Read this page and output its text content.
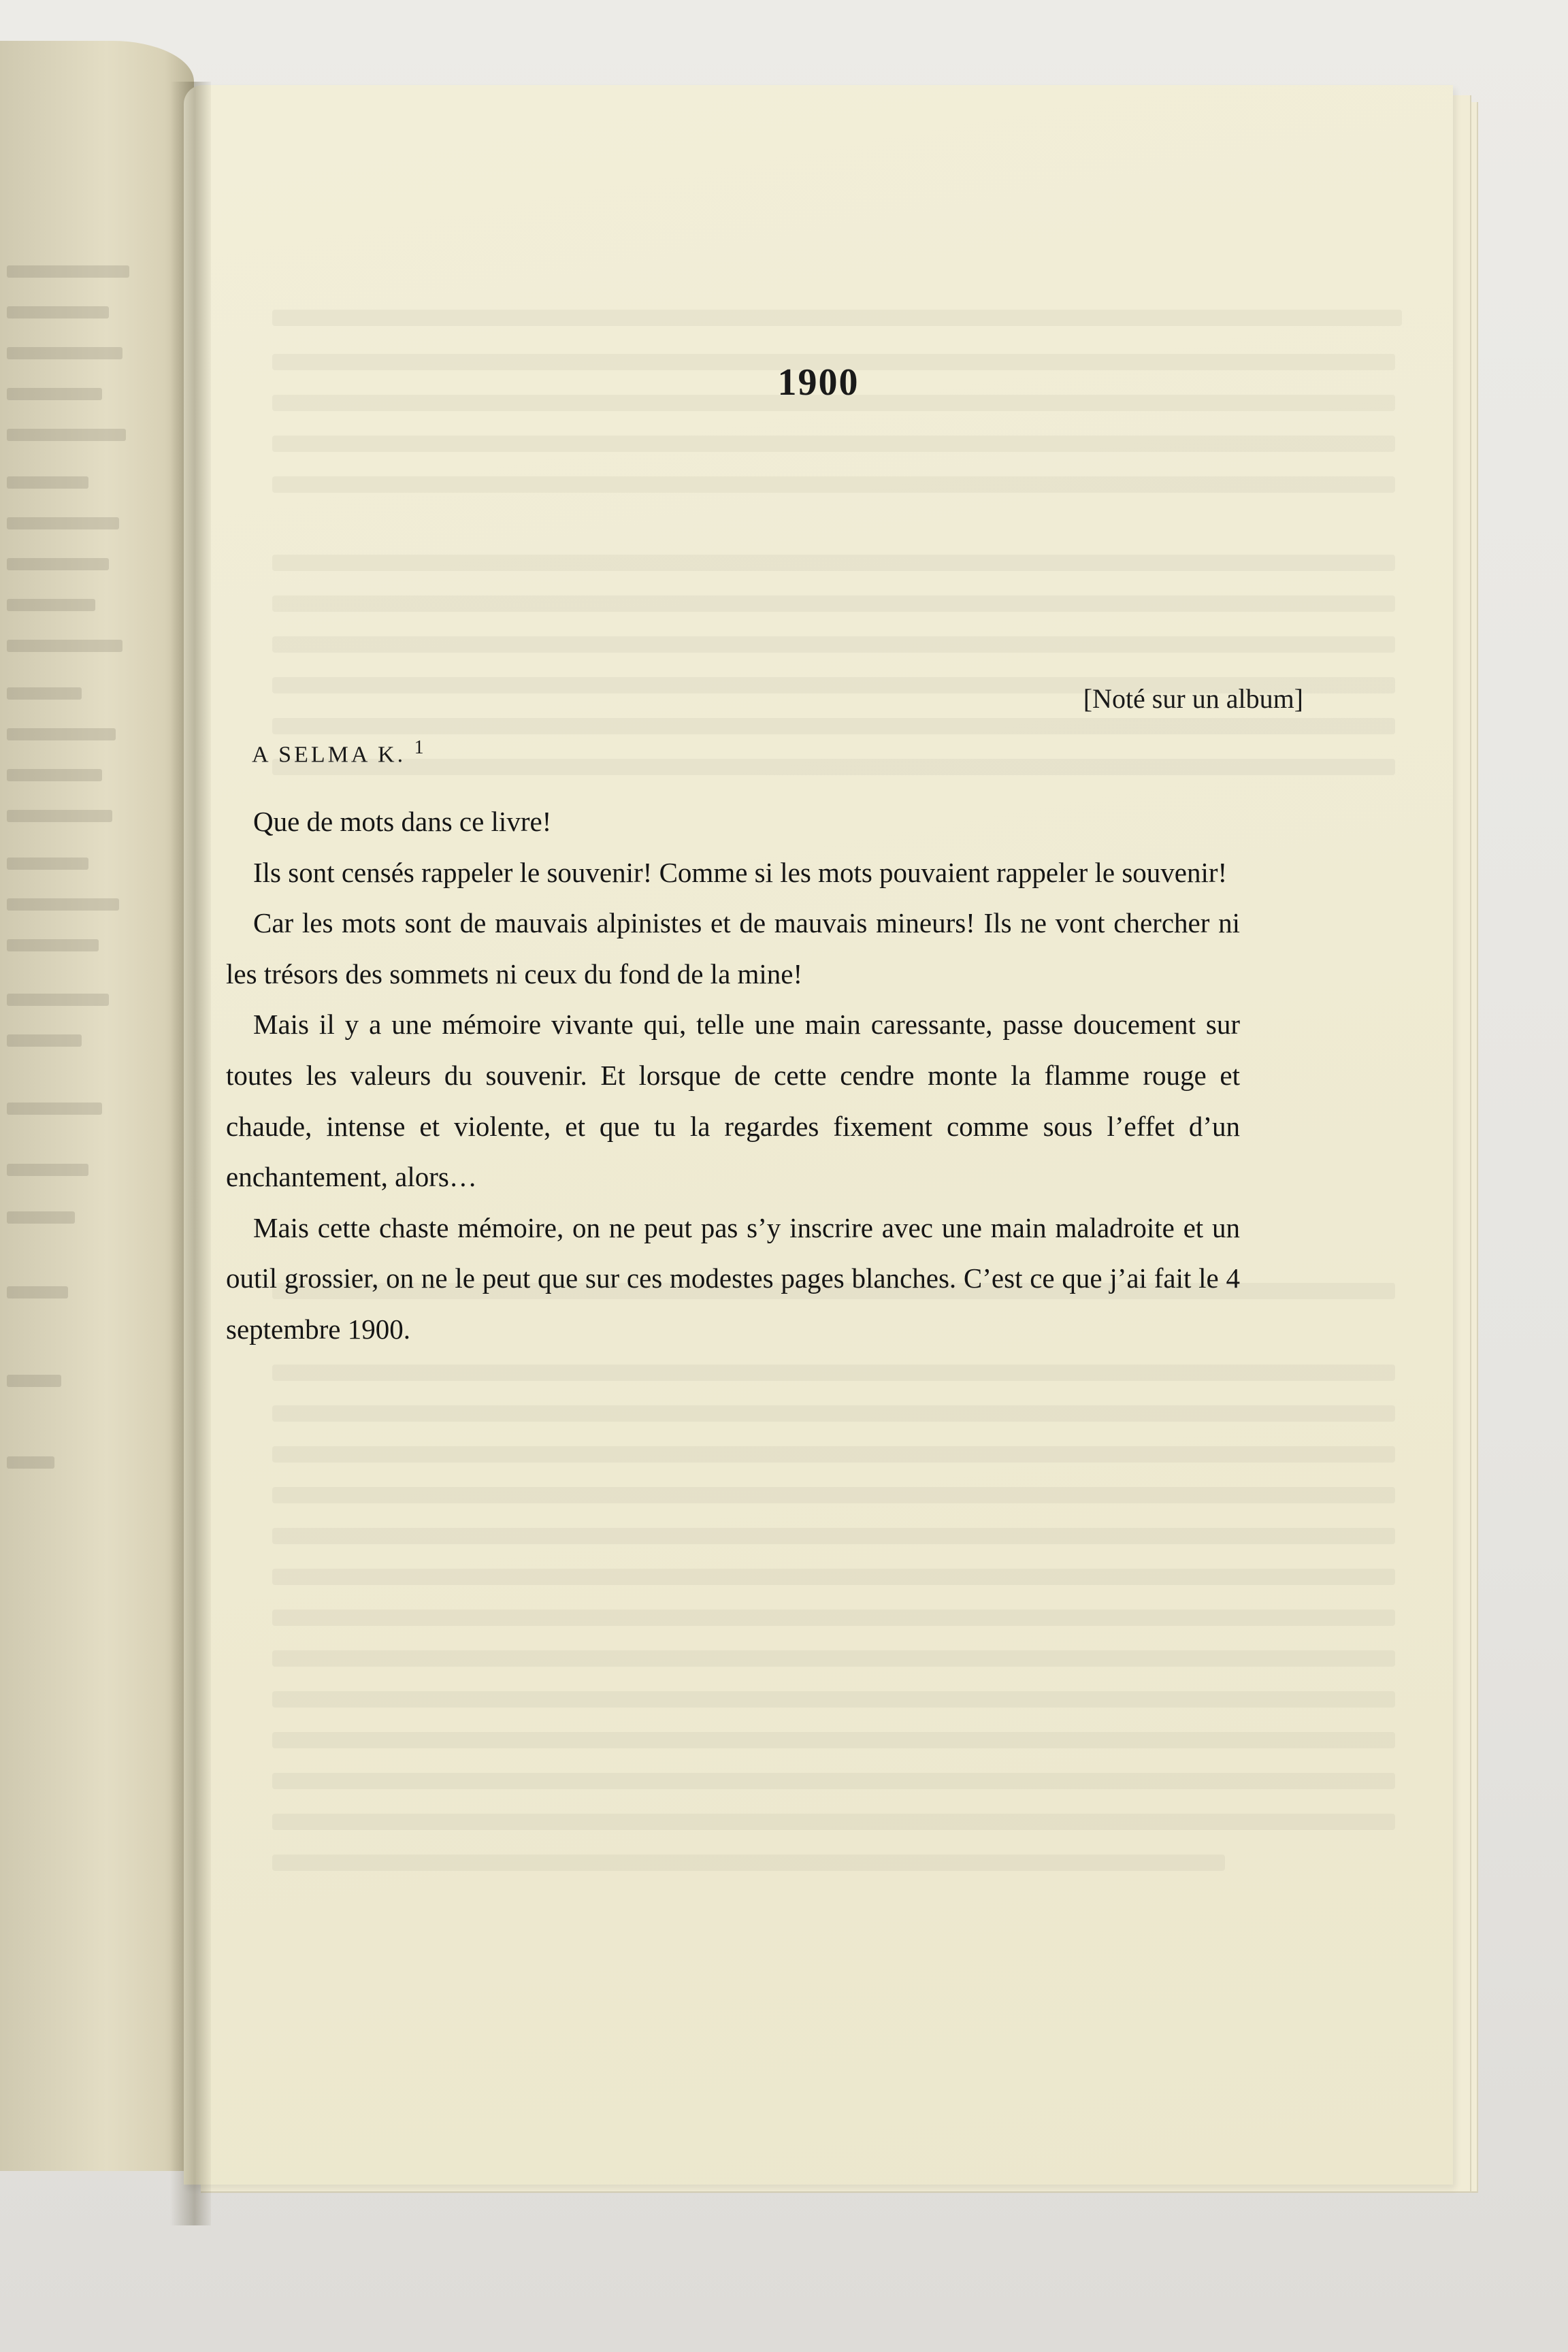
1900
[Noté sur un album]
A SELMA K. $^1$

Que de mots dans ce livre!

Ils sont censés rappeler le souvenir! Comme si les mots pouvaient rappeler le souvenir!

Car les mots sont de mauvais alpinistes et de mauvais mineurs! Ils ne vont chercher ni les trésors des sommets ni ceux du fond de la mine!

Mais il y a une mémoire vivante qui, telle une main caressante, passe doucement sur toutes les valeurs du souvenir. Et lorsque de cette cendre monte la flamme rouge et chaude, intense et violente, et que tu la regardes fixement comme sous l’effet d’un enchantement, alors…

Mais cette chaste mémoire, on ne peut pas s’y inscrire avec une main maladroite et un outil grossier, on ne le peut que sur ces modestes pages blanches. C’est ce que j’ai fait le 4 septembre 1900.
